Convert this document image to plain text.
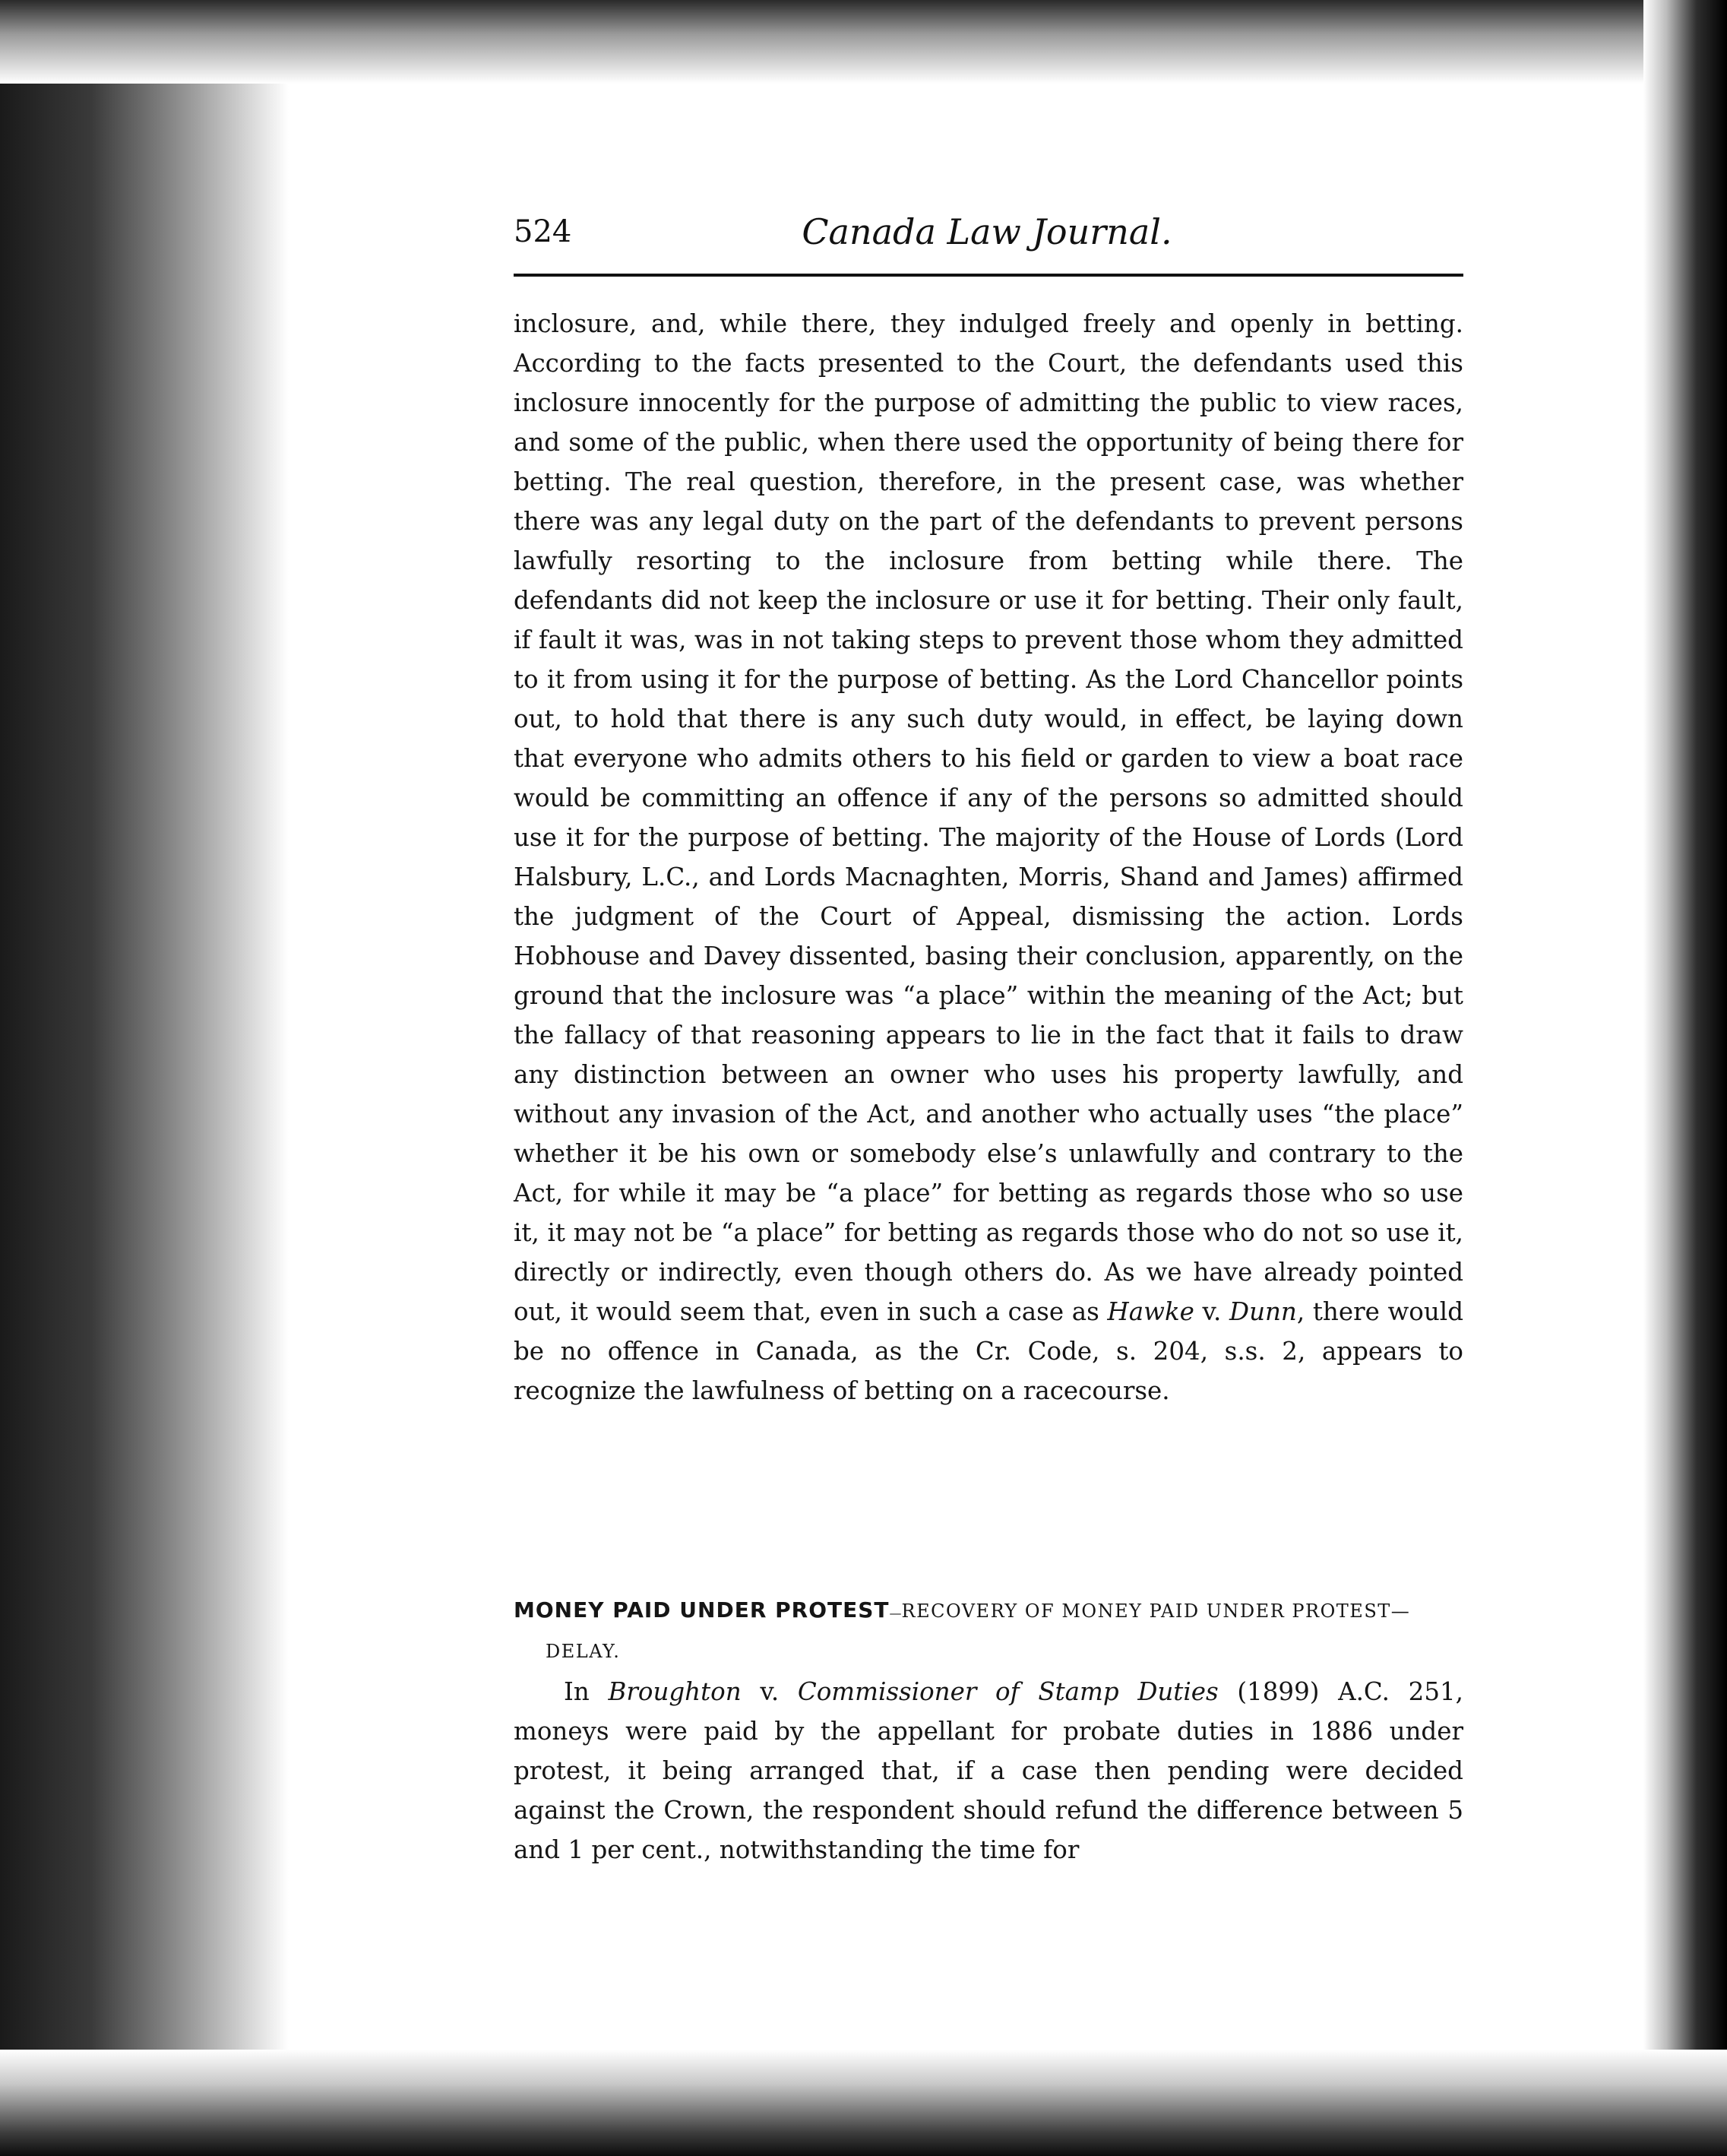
524	Canada Law Journal.

inclosure, and, while there, they indulged freely and openly in betting. According to the facts presented to the Court, the defendants used this inclosure innocently for the purpose of admitting the public to view races, and some of the public, when there used the opportunity of being there for betting. The real question, therefore, in the present case, was whether there was any legal duty on the part of the defendants to prevent persons lawfully resorting to the inclosure from betting while there. The defendants did not keep the inclosure or use it for betting. Their only fault, if fault it was, was in not taking steps to prevent those whom they admitted to it from using it for the purpose of betting. As the Lord Chancellor points out, to hold that there is any such duty would, in effect, be laying down that everyone who admits others to his field or garden to view a boat race would be committing an offence if any of the persons so admitted should use it for the purpose of betting. The majority of the House of Lords (Lord Halsbury, L.C., and Lords Macnaghten, Morris, Shand and James) affirmed the judgment of the Court of Appeal, dismissing the action. Lords Hobhouse and Davey dissented, basing their conclusion, apparently, on the ground that the inclosure was “a place” within the meaning of the Act; but the fallacy of that reasoning appears to lie in the fact that it fails to draw any distinction between an owner who uses his property lawfully, and without any invasion of the Act, and another who actually uses “the place” whether it be his own or somebody else’s unlawfully and contrary to the Act, for while it may be “a place” for betting as regards those who so use it, it may not be “a place” for betting as regards those who do not so use it, directly or indirectly, even though others do. As we have already pointed out, it would seem that, even in such a case as Hawke v. Dunn, there would be no offence in Canada, as the Cr. Code, s. 204, s.s. 2, appears to recognize the lawfulness of betting on a racecourse.

MONEY PAID UNDER PROTEST—RECOVERY OF MONEY PAID UNDER PROTEST—
DELAY.

In Broughton v. Commissioner of Stamp Duties (1899) A.C. 251, moneys were paid by the appellant for probate duties in 1886 under protest, it being arranged that, if a case then pending were decided against the Crown, the respondent should refund the difference between 5 and 1 per cent., notwithstanding the time for
